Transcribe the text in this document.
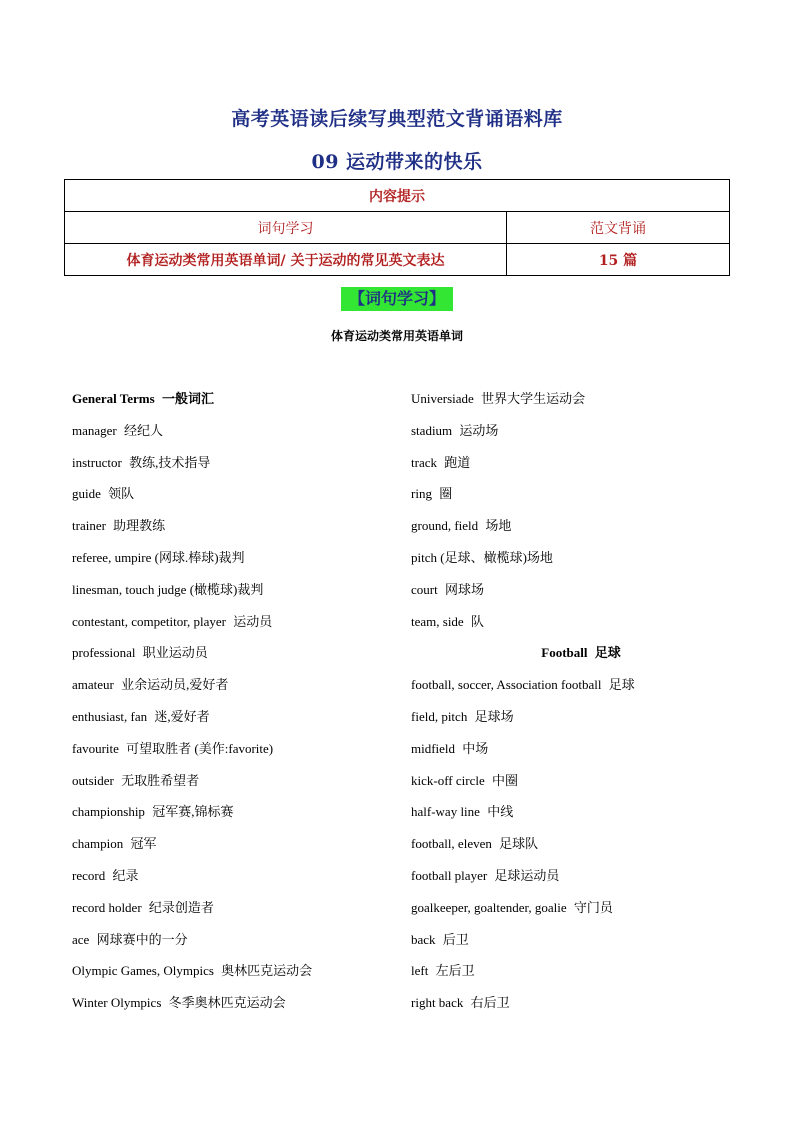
高考英语读后续写典型范文背诵语料库
09 运动带来的快乐
内容提示	
词句学习	范文背诵
体育运动类常用英语单词/ 关于运动的常见英文表达	15 篇
【词句学习】
体育运动类常用英语单词
General Terms 一般词汇
manager 经纪人
instructor 教练,技术指导
guide 领队
trainer 助理教练
referee, umpire (网球.棒球)裁判
linesman, touch judge (橄榄球)裁判
contestant, competitor, player 运动员
professional 职业运动员
amateur 业余运动员,爱好者
enthusiast, fan 迷,爱好者
favourite 可望取胜者 (美作:favorite)
outsider 无取胜希望者
championship 冠军赛,锦标赛
champion 冠军
record 纪录
record holder 纪录创造者
ace 网球赛中的一分
Olympic Games, Olympics 奥林匹克运动会
Winter Olympics 冬季奥林匹克运动会
Universiade 世界大学生运动会
stadium 运动场
track 跑道
ring 圈
ground, field 场地
pitch (足球、橄榄球)场地
court 网球场
team, side 队
Football 足球
football, soccer, Association football 足球
field, pitch 足球场
midfield 中场
kick-off circle 中圈
half-way line 中线
football, eleven 足球队
football player 足球运动员
goalkeeper, goaltender, goalie 守门员
back 后卫
left 左后卫
right back 右后卫
